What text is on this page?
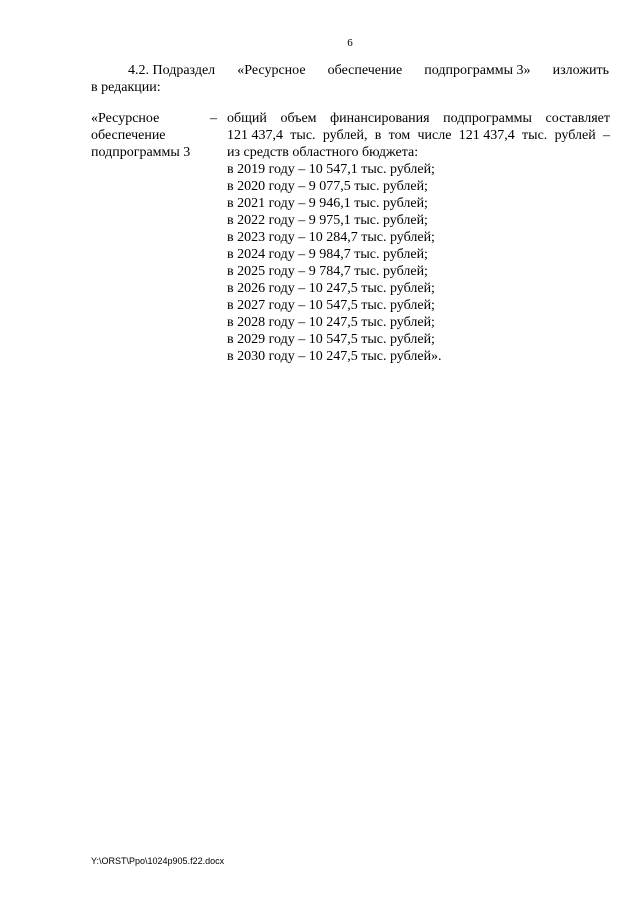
6
4.2. Подраздел «Ресурсное обеспечение подпрограммы 3» изложить
в редакции:
«Ресурсное
обеспечение
подпрограммы 3
– общий объем финансирования подпрограммы составляет
121 437,4 тыс. рублей, в том числе 121 437,4 тыс. рублей –
из средств областного бюджета:
в 2019 году – 10 547,1 тыс. рублей;
в 2020 году – 9 077,5 тыс. рублей;
в 2021 году – 9 946,1 тыс. рублей;
в 2022 году – 9 975,1 тыс. рублей;
в 2023 году – 10 284,7 тыс. рублей;
в 2024 году – 9 984,7 тыс. рублей;
в 2025 году – 9 784,7 тыс. рублей;
в 2026 году – 10 247,5 тыс. рублей;
в 2027 году – 10 547,5 тыс. рублей;
в 2028 году – 10 247,5 тыс. рублей;
в 2029 году – 10 547,5 тыс. рублей;
в 2030 году – 10 247,5 тыс. рублей».
Y:\ORST\Ppo\1024p905.f22.docx
